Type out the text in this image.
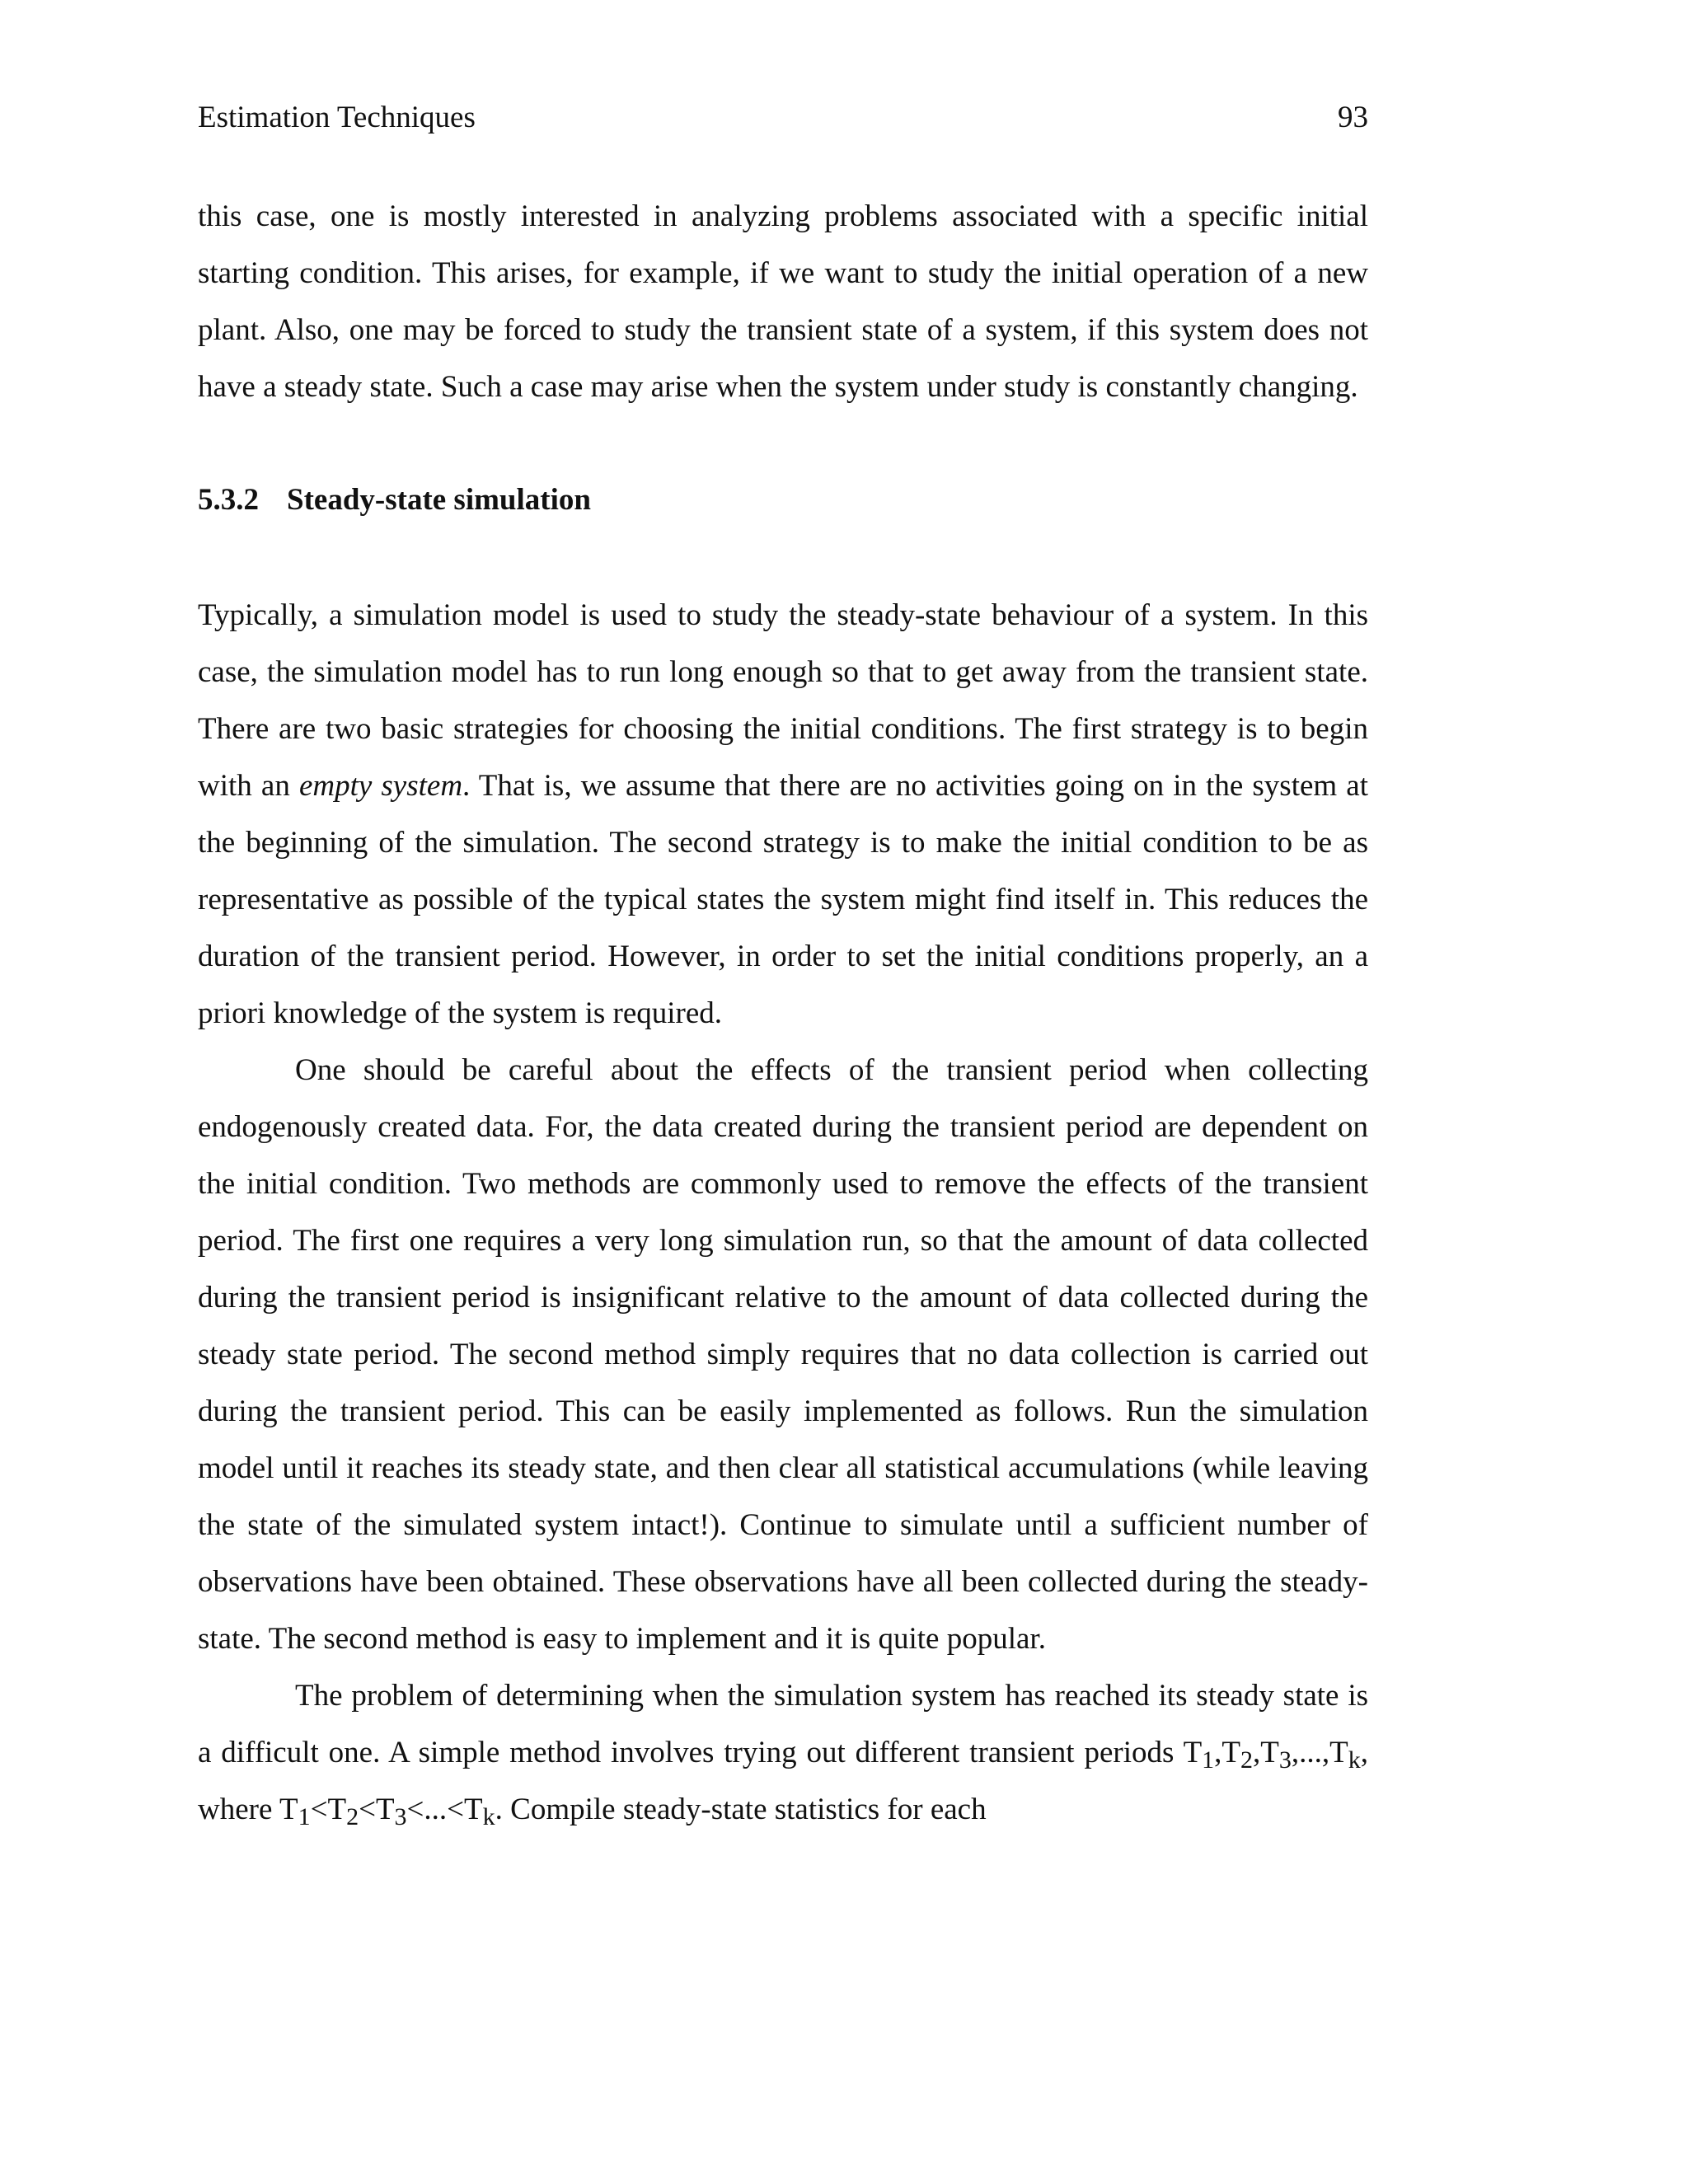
Estimation Techniques	93

this case, one is mostly interested in analyzing problems associated with a specific initial starting condition. This arises, for example, if we want to study the initial operation of a new plant. Also, one may be forced to study the transient state of a system, if this system does not have a steady state. Such a case may arise when the system under study is constantly changing.

5.3.2 Steady-state simulation

Typically, a simulation model is used to study the steady-state behaviour of a system. In this case, the simulation model has to run long enough so that to get away from the transient state. There are two basic strategies for choosing the initial conditions. The first strategy is to begin with an empty system. That is, we assume that there are no activities going on in the system at the beginning of the simulation. The second strategy is to make the initial condition to be as representative as possible of the typical states the system might find itself in. This reduces the duration of the transient period. However, in order to set the initial conditions properly, an a priori knowledge of the system is required.

One should be careful about the effects of the transient period when collecting endogenously created data. For, the data created during the transient period are dependent on the initial condition. Two methods are commonly used to remove the effects of the transient period. The first one requires a very long simulation run, so that the amount of data collected during the transient period is insignificant relative to the amount of data collected during the steady state period. The second method simply requires that no data collection is carried out during the transient period. This can be easily implemented as follows. Run the simulation model until it reaches its steady state, and then clear all statistical accumulations (while leaving the state of the simulated system intact!). Continue to simulate until a sufficient number of observations have been obtained. These observations have all been collected during the steady-state. The second method is easy to implement and it is quite popular.

The problem of determining when the simulation system has reached its steady state is a difficult one. A simple method involves trying out different transient periods $T_1,T_2,T_3,...,T_k$, where $T_1<T_2<T_3<...<T_k$. Compile steady-state statistics for each
